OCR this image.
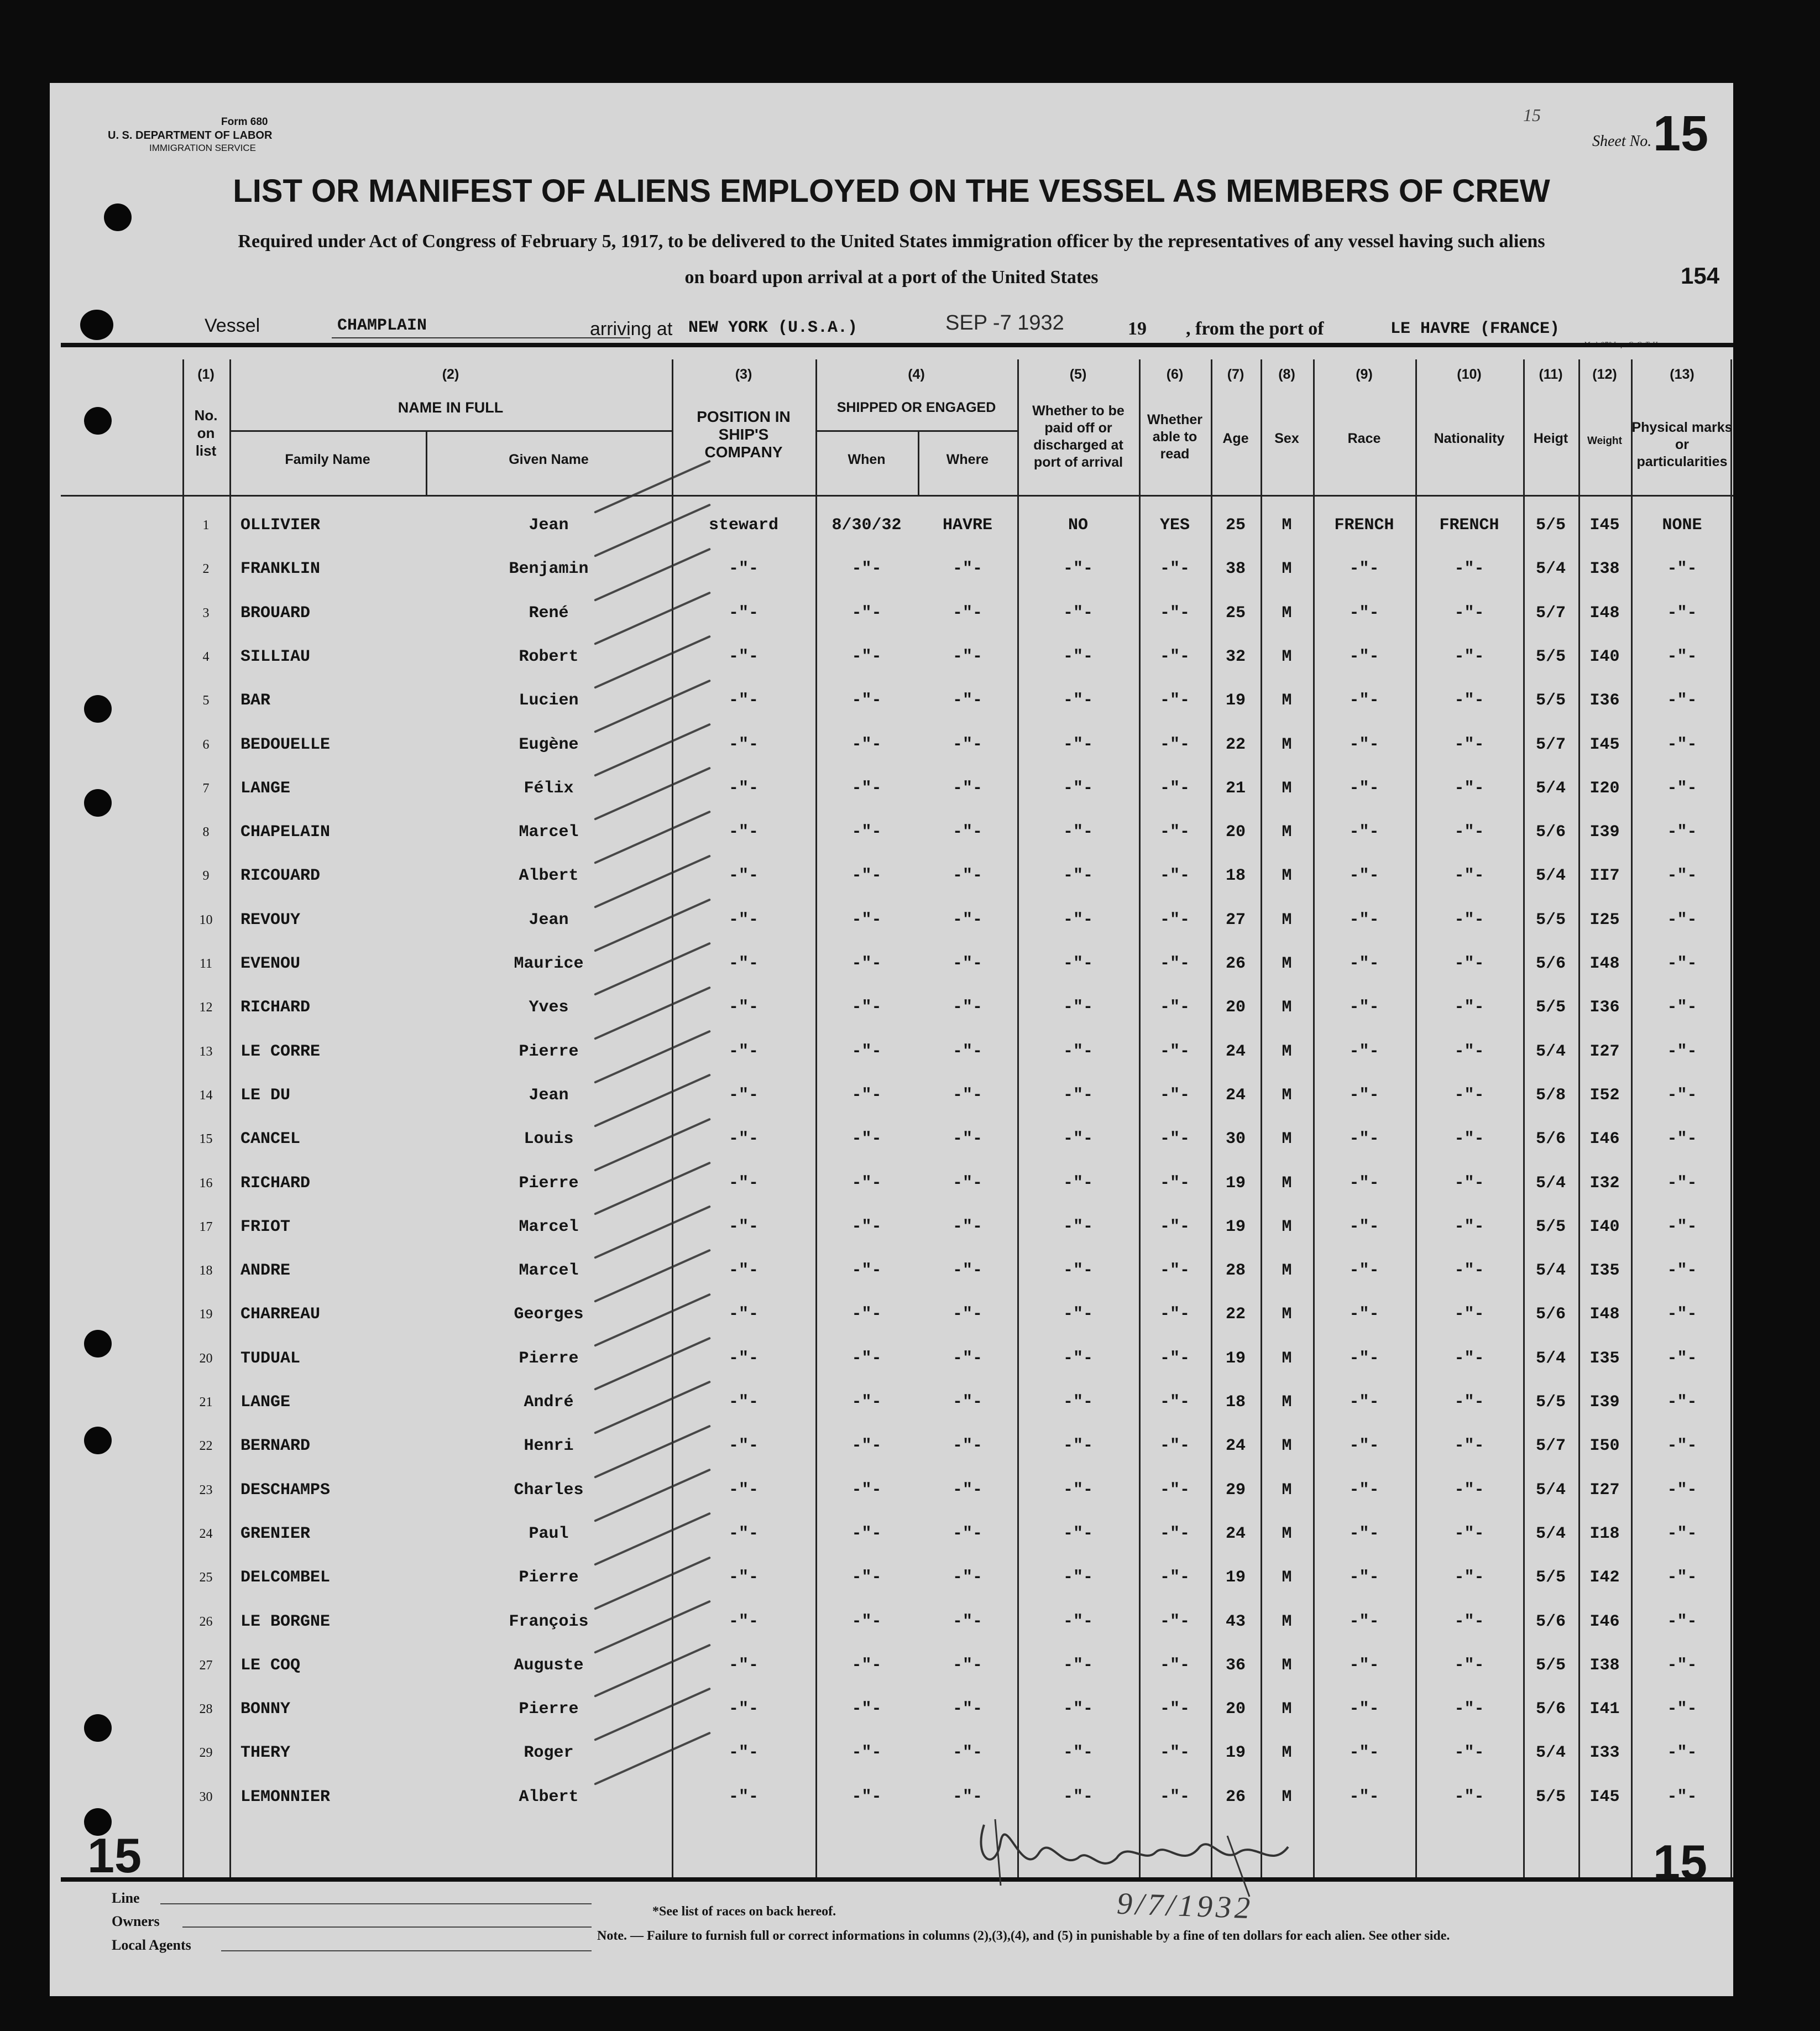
Form 680
U. S. DEPARTMENT OF LABOR
IMMIGRATION SERVICE
15
Sheet No. 15
LIST OR MANIFEST OF ALIENS EMPLOYED ON THE VESSEL AS MEMBERS OF CREW
Required under Act of Congress of February 5, 1917, to be delivered to the United States immigration officer by the representatives of any vessel having such aliens
on board upon arrival at a port of the United States	154
Vessel	CHAMPLAIN	arriving at NEW YORK (U.S.A.)	SEP -7 1932	19 , from the port of	LE HAVRE (FRANCE)
(1)
No. on list
(2)
NAME IN FULL
Family Name	Given Name
(3)
POSITION IN SHIP'S COMPANY
(4)
SHIPPED OR ENGAGED
When	Where
(5)
Whether to be paid off or discharged at port of arrival
(6)
Whether able to read
(7)
Age
(8)
Sex
(9)
Race
(10)
Nationality
(11)
Heigt
(12)
Weight
(13)
Physical marks or particularities
1	OLLIVIER	Jean	steward	8/30/32	HAVRE	NO	YES	25	M	FRENCH	FRENCH	5/5	I45	NONE
2	FRANKLIN	Benjamin	-"-	-"-	-"-	-"-	-"-	38	M	-"-	-"-	5/4	I38	-"-
3	BROUARD	René	-"-	-"-	-"-	-"-	-"-	25	M	-"-	-"-	5/7	I48	-"-
4	SILLIAU	Robert	-"-	-"-	-"-	-"-	-"-	32	M	-"-	-"-	5/5	I40	-"-
5	BAR	Lucien	-"-	-"-	-"-	-"-	-"-	19	M	-"-	-"-	5/5	I36	-"-
6	BEDOUELLE	Eugène	-"-	-"-	-"-	-"-	-"-	22	M	-"-	-"-	5/7	I45	-"-
7	LANGE	Félix	-"-	-"-	-"-	-"-	-"-	21	M	-"-	-"-	5/4	I20	-"-
8	CHAPELAIN	Marcel	-"-	-"-	-"-	-"-	-"-	20	M	-"-	-"-	5/6	I39	-"-
9	RICOUARD	Albert	-"-	-"-	-"-	-"-	-"-	18	M	-"-	-"-	5/4	II7	-"-
10	REVOUY	Jean	-"-	-"-	-"-	-"-	-"-	27	M	-"-	-"-	5/5	I25	-"-
11	EVENOU	Maurice	-"-	-"-	-"-	-"-	-"-	26	M	-"-	-"-	5/6	I48	-"-
12	RICHARD	Yves	-"-	-"-	-"-	-"-	-"-	20	M	-"-	-"-	5/5	I36	-"-
13	LE CORRE	Pierre	-"-	-"-	-"-	-"-	-"-	24	M	-"-	-"-	5/4	I27	-"-
14	LE DU	Jean	-"-	-"-	-"-	-"-	-"-	24	M	-"-	-"-	5/8	I52	-"-
15	CANCEL	Louis	-"-	-"-	-"-	-"-	-"-	30	M	-"-	-"-	5/6	I46	-"-
16	RICHARD	Pierre	-"-	-"-	-"-	-"-	-"-	19	M	-"-	-"-	5/4	I32	-"-
17	FRIOT	Marcel	-"-	-"-	-"-	-"-	-"-	19	M	-"-	-"-	5/5	I40	-"-
18	ANDRE	Marcel	-"-	-"-	-"-	-"-	-"-	28	M	-"-	-"-	5/4	I35	-"-
19	CHARREAU	Georges	-"-	-"-	-"-	-"-	-"-	22	M	-"-	-"-	5/6	I48	-"-
20	TUDUAL	Pierre	-"-	-"-	-"-	-"-	-"-	19	M	-"-	-"-	5/4	I35	-"-
21	LANGE	André	-"-	-"-	-"-	-"-	-"-	18	M	-"-	-"-	5/5	I39	-"-
22	BERNARD	Henri	-"-	-"-	-"-	-"-	-"-	24	M	-"-	-"-	5/7	I50	-"-
23	DESCHAMPS	Charles	-"-	-"-	-"-	-"-	-"-	29	M	-"-	-"-	5/4	I27	-"-
24	GRENIER	Paul	-"-	-"-	-"-	-"-	-"-	24	M	-"-	-"-	5/4	I18	-"-
25	DELCOMBEL	Pierre	-"-	-"-	-"-	-"-	-"-	19	M	-"-	-"-	5/5	I42	-"-
26	LE BORGNE	François	-"-	-"-	-"-	-"-	-"-	43	M	-"-	-"-	5/6	I46	-"-
27	LE COQ	Auguste	-"-	-"-	-"-	-"-	-"-	36	M	-"-	-"-	5/5	I38	-"-
28	BONNY	Pierre	-"-	-"-	-"-	-"-	-"-	20	M	-"-	-"-	5/6	I41	-"-
29	THERY	Roger	-"-	-"-	-"-	-"-	-"-	19	M	-"-	-"-	5/4	I33	-"-
30	LEMONNIER	Albert	-"-	-"-	-"-	-"-	-"-	26	M	-"-	-"-	5/5	I45	-"-
15	15
9/7/1932
Line
Owners
Local Agents
*See list of races on back hereof.
Note. — Failure to furnish full or correct informations in columns (2),(3),(4), and (5) in punishable by a fine of ten dollars for each alien. See other side.
